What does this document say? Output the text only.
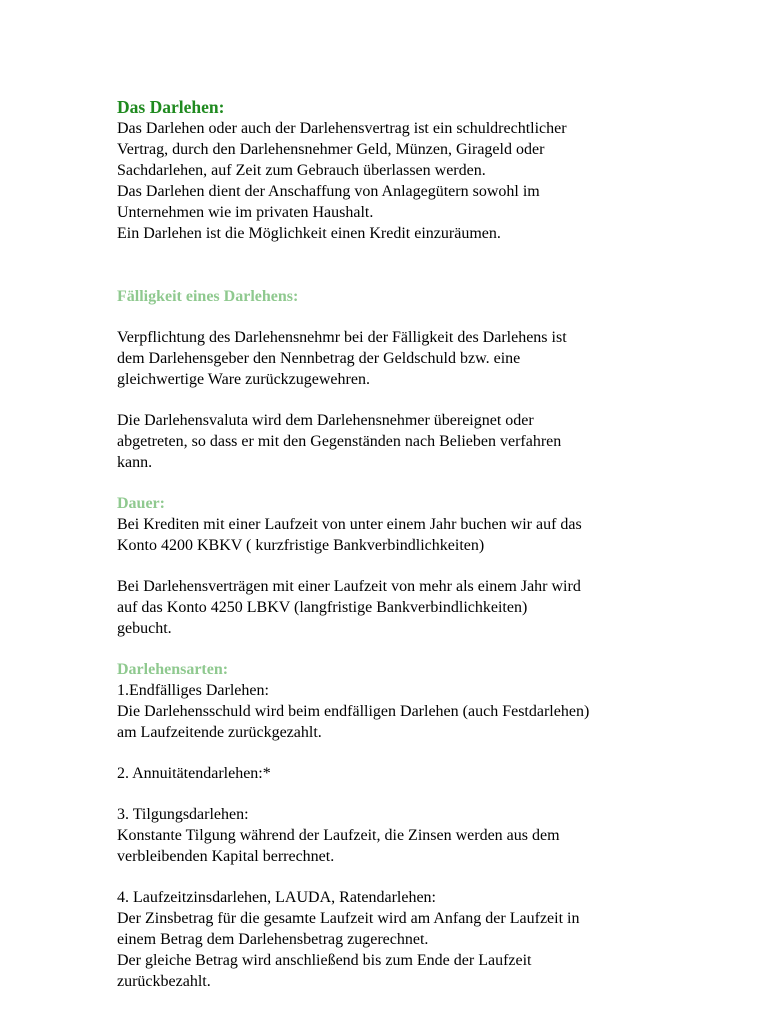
Das Darlehen:
Das Darlehen oder auch der Darlehensvertrag ist ein schuldrechtlicher
Vertrag, durch den Darlehensnehmer Geld, Münzen, Girageld oder
Sachdarlehen, auf Zeit zum Gebrauch überlassen werden.
Das Darlehen dient der Anschaffung von Anlagegütern sowohl im
Unternehmen wie im privaten Haushalt.
Ein Darlehen ist die Möglichkeit einen Kredit einzuräumen.
Fälligkeit eines Darlehens:
Verpflichtung des Darlehensnehmr bei der Fälligkeit des Darlehens ist
dem Darlehensgeber den Nennbetrag der Geldschuld bzw. eine
gleichwertige Ware zurückzugewehren.
Die Darlehensvaluta wird dem Darlehensnehmer übereignet oder
abgetreten, so dass er mit den Gegenständen nach Belieben verfahren
kann.
Dauer:
Bei Krediten mit einer Laufzeit von unter einem Jahr buchen wir auf das
Konto 4200 KBKV ( kurzfristige Bankverbindlichkeiten)
Bei Darlehensverträgen mit einer Laufzeit von mehr als einem Jahr wird
auf das Konto 4250 LBKV (langfristige Bankverbindlichkeiten)
gebucht.
Darlehensarten:
1.Endfälliges Darlehen:
Die Darlehensschuld wird beim endfälligen Darlehen (auch Festdarlehen)
am Laufzeitende zurückgezahlt.
2. Annuitätendarlehen:*
3. Tilgungsdarlehen:
Konstante Tilgung während der Laufzeit, die Zinsen werden aus dem
verbleibenden Kapital berrechnet.
4. Laufzeitzinsdarlehen, LAUDA, Ratendarlehen:
Der Zinsbetrag für die gesamte Laufzeit wird am Anfang der Laufzeit in
einem Betrag dem Darlehensbetrag zugerechnet.
Der gleiche Betrag wird anschließend bis zum Ende der Laufzeit
zurückbezahlt.
